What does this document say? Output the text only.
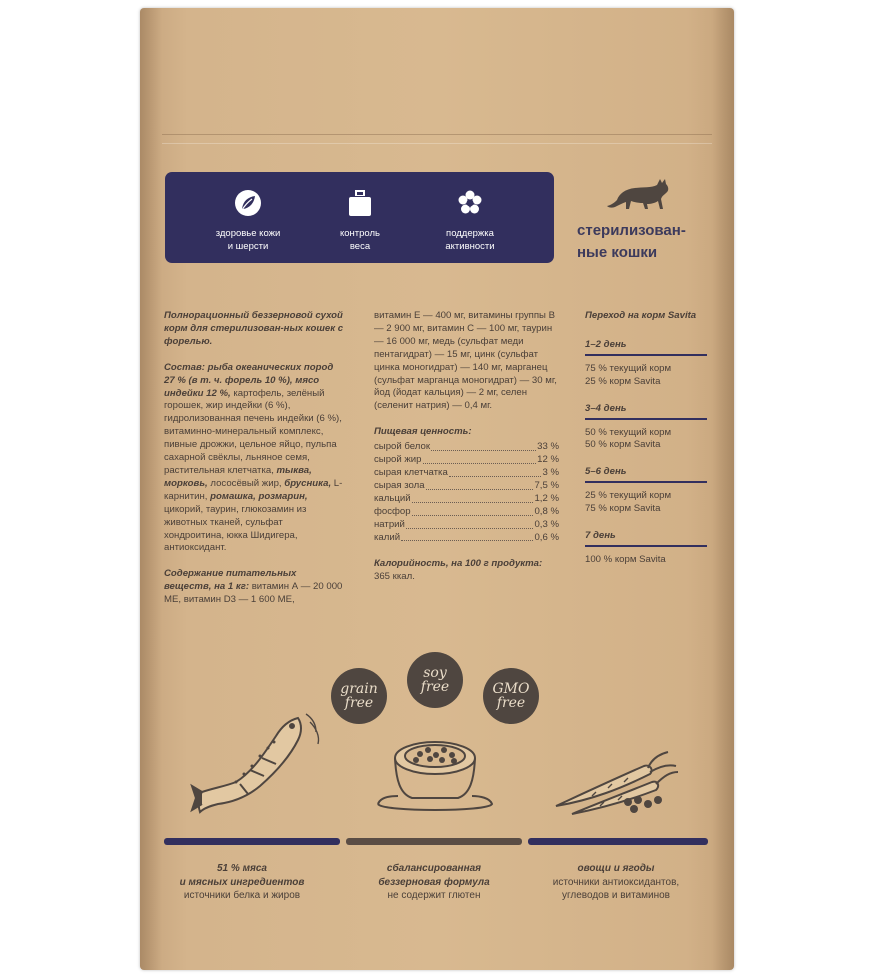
здоровье кожи
и шерсти
контроль
веса
поддержка
активности
стерилизован-
ные кошки

Полнорационный беззерновой сухой корм для стерилизован-ных кошек с форелью.

Состав: рыба океанических пород 27 % (в т. ч. форель 10 %), мясо индейки 12 %, картофель, зелёный горошек, жир индейки (6 %), гидролизованная печень индейки (6 %), витаминно-минеральный комплекс, пивные дрожжи, цельное яйцо, пульпа сахарной свёклы, льняное семя, растительная клетчатка, тыква, морковь, лососёвый жир, брусника, L-карнитин, ромашка, розмарин, цикорий, таурин, глюкозамин из животных тканей, сульфат хондроитина, юкка Шидигера, антиоксидант.

Содержание питательных веществ, на 1 кг: витамин А — 20 000 МЕ, витамин D3 — 1 600 МЕ,

витамин Е — 400 мг, витамины группы В — 2 900 мг, витамин С — 100 мг, таурин — 16 000 мг, медь (сульфат меди пентагидрат) — 15 мг, цинк (сульфат цинка моногидрат) — 140 мг, марганец (сульфат марганца моногидрат) — 30 мг, йод (йодат кальция) — 2 мг, селен (селенит натрия) — 0,4 мг.

Пищевая ценность:

сырой белок	33 %
сырой жир	12 %
сырая клетчатка	3 %
сырая зола	7,5 %
кальций	1,2 %
фосфор	0,8 %
натрий	0,3 %
калий	0,6 %

Калорийность, на 100 г продукта: 365 ккал.

Переход на корм Savita

1–2 день

75 % текущий корм

25 % корм Savita

3–4 день

50 % текущий корм

50 % корм Savita

5–6 день

25 % текущий корм

75 % корм Savita

7 день

100 % корм Savita

grain
free
soy
free	GMO
free

51 % мяса
и мясных ингредиентов

источники белка и жиров

сбалансированная
беззерновая формула

не содержит глютен

овощи и ягоды

источники антиоксидантов,
углеводов и витаминов
